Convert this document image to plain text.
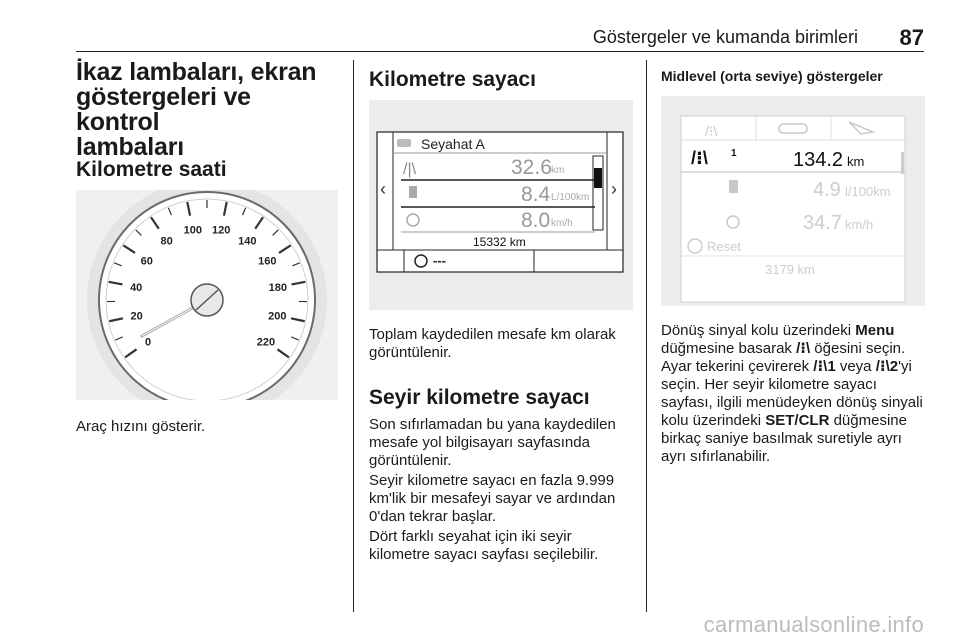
Göstergeler ve kumanda birimleri 87
İkaz lambaları, ekran
göstergeleri ve kontrol
lambaları
Kilometre saati
0
20
40
60
80
100 120
140
160
180
200
220

Araç hızını gösterir.

Kilometre sayacı
‹	›
Seyahat A
/|\	32.6 km
8.4 L/100km
8.0 km/h
15332 km
---

Toplam kaydedilen mesafe km olarak görüntülenir.

Seyir kilometre sayacı

Son sıfırlamadan bu yana kaydedilen mesafe yol bilgisayarı sayfasında görüntülenir.

Seyir kilometre sayacı en fazla 9.999 km'lik bir mesafeyi sayar ve ardından 0'dan tekrar başlar.

Dört farklı seyahat için iki seyir kilometre sayacı sayfası seçilebilir.

Midlevel (orta seviye) göstergeler
/⁝\
/⁝\ 1	134.2 km
4.9 l/100km
34.7 km/h
Reset
3179 km

Dönüş sinyal kolu üzerindeki Menu düğmesine basarak /⁝\ öğesini seçin. Ayar tekerini çevirerek /⁝\1 veya /⁝\2'yi seçin. Her seyir kilometre sayacı sayfası, ilgili menüdeyken dönüş sinyali kolu üzerindeki SET/CLR düğmesine birkaç saniye basılmak suretiyle ayrı ayrı sıfırlanabilir.

carmanualsonline.info
